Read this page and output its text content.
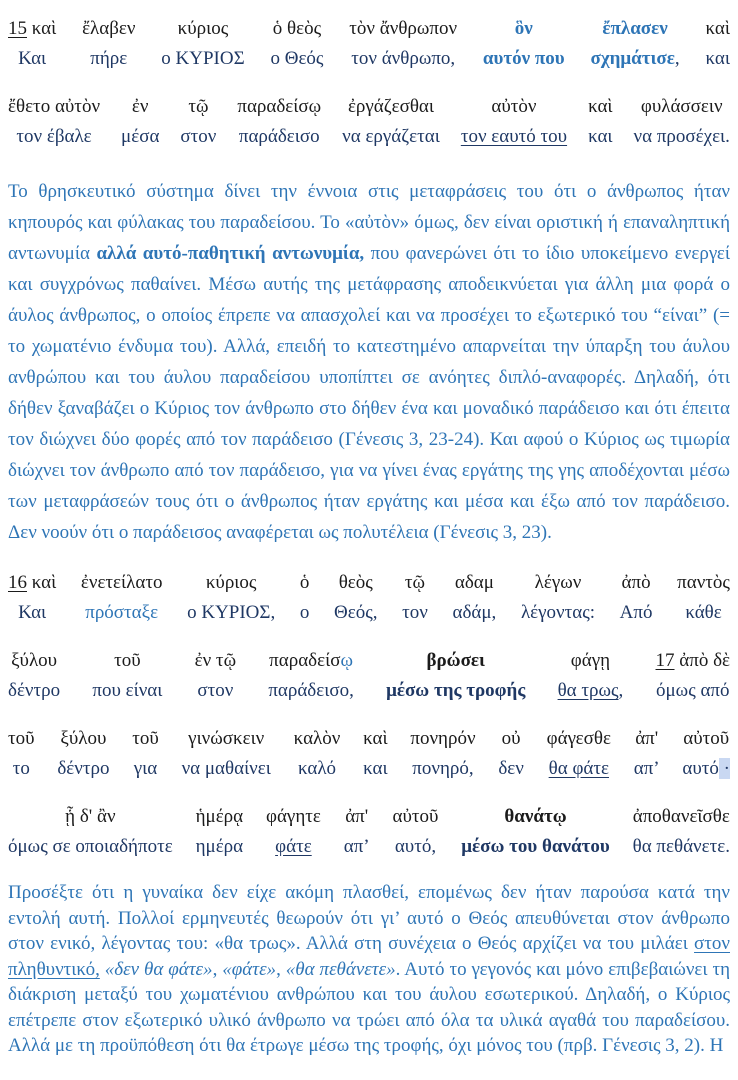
15 καὶ
Και
ἔλαβεν
πήρε
κύριος
ο ΚΥΡΙΟΣ
ὁ θεὸς
ο Θεός
τὸν ἄνθρωπον
τον άνθρωπο,
ὃν
αυτόν που
ἔπλασεν
σχημάτισε,
καὶ
και
ἔθετο αὐτὸν
τον έβαλε
ἐν
μέσα
τῷ
στον
παραδείσῳ
παράδεισο
ἐργάζεσθαι
να εργάζεται
αὐτὸν
τον εαυτό του
καὶ
και
φυλάσσειν
να προσέχει.

Το θρησκευτικό σύστημα δίνει την έννοια στις μεταφράσεις του ότι ο άνθρωπος ήταν κηπουρός και φύλακας του παραδείσου. Το «αὐτὸν» όμως, δεν είναι οριστική ή επαναληπτική αντωνυμία αλλά αυτό-παθητική αντωνυμία, που φανερώνει ότι το ίδιο υποκείμενο ενεργεί και συγχρόνως παθαίνει. Μέσω αυτής της μετάφρασης αποδεικνύεται για άλλη μια φορά ο άυλος άνθρωπος, ο οποίος έπρεπε να απασχολεί και να προσέχει το εξωτερικό του “είναι” (= το χωματένιο ένδυμα του). Αλλά, επειδή το κατεστημένο απαρνείται την ύπαρξη του άυλου ανθρώπου και του άυλου παραδείσου υποπίπτει σε ανόητες διπλό-αναφορές. Δηλαδή, ότι δήθεν ξαναβάζει ο Κύριος τον άνθρωπο στο δήθεν ένα και μοναδικό παράδεισο και ότι έπειτα τον διώχνει δύο φορές από τον παράδεισο (Γένεσις 3, 23-24). Και αφού ο Κύριος ως τιμωρία διώχνει τον άνθρωπο από τον παράδεισο, για να γίνει ένας εργάτης της γης αποδέχονται μέσω των μεταφράσεών τους ότι ο άνθρωπος ήταν εργάτης και μέσα και έξω από τον παράδεισο. Δεν νοούν ότι ο παράδεισος αναφέρεται ως πολυτέλεια (Γένεσις 3, 23).

16 καὶ
Και
ἐνετείλατο
πρόσταξε
κύριος
ο ΚΥΡΙΟΣ,
ὁ
ο
θεὸς
Θεός,
τῷ
τον
αδαμ
αδάμ,
λέγων
λέγοντας:
ἀπὸ
Από
παντὸς
κάθε
ξύλου
δέντρο
τοῦ
που είναι
ἐν τῷ
στον
παραδείσῳ
παράδεισο,
βρώσει
μέσω της τροφής
φάγῃ
θα τρως,
17 ἀπὸ δὲ
όμως από
τοῦ
το
ξύλου
δέντρο
τοῦ
για
γινώσκειν
να μαθαίνει
καλὸν
καλό
καὶ
και
πονηρόν
πονηρό,
οὐ
δεν
φάγεσθε
θα φάτε
ἀπ'
απ’
αὐτοῦ
αυτό ·
ᾗ δ' ἂν
όμως σε οποιαδήποτε
ἡμέρᾳ
ημέρα
φάγητε
φάτε
ἀπ'
απ’
αὐτοῦ
αυτό,
θανάτῳ
μέσω του θανάτου
ἀποθανεῖσθε
θα πεθάνετε.

Προσέξτε ότι η γυναίκα δεν είχε ακόμη πλασθεί, επομένως δεν ήταν παρούσα κατά την εντολή αυτή. Πολλοί ερμηνευτές θεωρούν ότι γι’ αυτό ο Θεός απευθύνεται στον άνθρωπο στον ενικό, λέγοντας του: «θα τρως». Αλλά στη συνέχεια ο Θεός αρχίζει να του μιλάει στον πληθυντικό, «δεν θα φάτε», «φάτε», «θα πεθάνετε». Αυτό το γεγονός και μόνο επιβεβαιώνει τη διάκριση μεταξύ του χωματένιου ανθρώπου και του άυλου εσωτερικού. Δηλαδή, ο Κύριος επέτρεπε στον εξωτερικό υλικό άνθρωπο να τρώει από όλα τα υλικά αγαθά του παραδείσου. Αλλά με τη προϋπόθεση ότι θα έτρωγε μέσω της τροφής, όχι μόνος του (πρβ. Γένεσις 3, 2). Η
